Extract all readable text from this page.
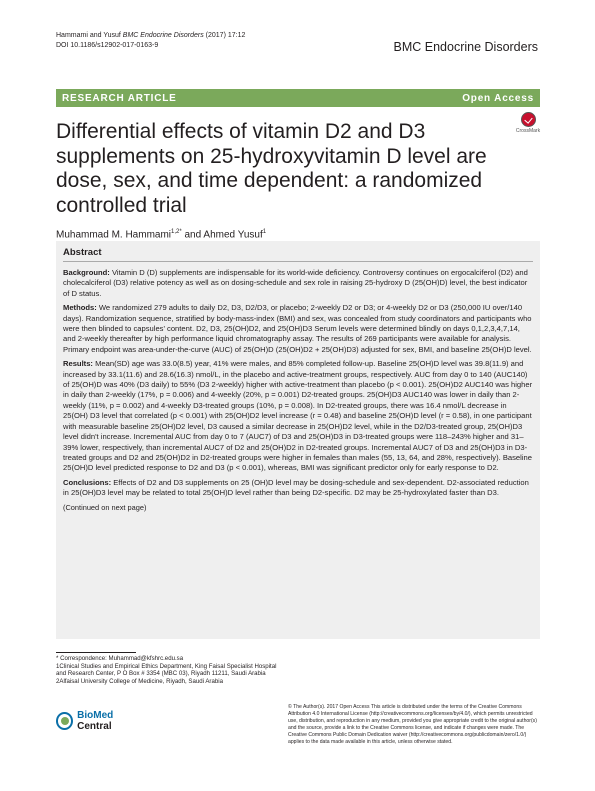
Hammami and Yusuf BMC Endocrine Disorders (2017) 17:12
DOI 10.1186/s12902-017-0163-9	BMC Endocrine Disorders
RESEARCH ARTICLE	Open Access
Differential effects of vitamin D2 and D3 supplements on 25-hydroxyvitamin D level are dose, sex, and time dependent: a randomized controlled trial
CrossMark
Muhammad M. Hammami$^{1,2*}$ and Ahmed Yusuf$^1$
Abstract

Background: Vitamin D (D) supplements are indispensable for its world-wide deficiency. Controversy continues on ergocalciferol (D2) and cholecalciferol (D3) relative potency as well as on dosing-schedule and sex role in raising 25-hydroxy D (25(OH)D) level, the best indicator of D status.

Methods: We randomized 279 adults to daily D2, D3, D2/D3, or placebo; 2-weekly D2 or D3; or 4-weekly D2 or D3 (250,000 IU over/140 days). Randomization sequence, stratified by body-mass-index (BMI) and sex, was concealed from study coordinators and participants who were then blinded to capsules' content. D2, D3, 25(OH)D2, and 25(OH)D3 Serum levels were determined blindly on days 0,1,2,3,4,7,14, and 2-weekly thereafter by high performance liquid chromatography assay. The results of 269 participants were available for analysis. Primary endpoint was area-under-the-curve (AUC) of 25(OH)D (25(OH)D2 + 25(OH)D3) adjusted for sex, BMI, and baseline 25(OH)D level.

Results: Mean(SD) age was 33.0(8.5) year, 41% were males, and 85% completed follow-up. Baseline 25(OH)D level was 39.8(11.9) and increased by 33.1(11.6) and 28.6(16.3) nmol/L, in the placebo and active-treatment groups, respectively. AUC from day 0 to 140 (AUC140) of 25(OH)D was 40% (D3 daily) to 55% (D3 2-weekly) higher with active-treatment than placebo (p < 0.001). 25(OH)D2 AUC140 was higher in daily than 2-weekly (17%, p = 0.006) and 4-weekly (20%, p = 0.001) D2-treated groups. 25(OH)D3 AUC140 was lower in daily than 2-weekly (11%, p = 0.002) and 4-weekly D3-treated groups (10%, p = 0.008). In D2-treated groups, there was 16.4 nmol/L decrease in 25(OH) D3 level that correlated (p < 0.001) with 25(OH)D2 level increase (r = 0.48) and baseline 25(OH)D level (r = 0.58), in one participant with measurable baseline 25(OH)D2 level, D3 caused a similar decrease in 25(OH)D2 level, while in the D2/D3-treated group, 25(OH)D3 level didn't increase. Incremental AUC from day 0 to 7 (AUC7) of D3 and 25(OH)D3 in D3-treated groups were 118–243% higher and 31–39% lower, respectively, than incremental AUC7 of D2 and 25(OH)D2 in D2-treated groups. Incremental AUC7 of D3 and 25(OH)D3 in D3-treated groups and D2 and 25(OH)D2 in D2-treated groups were higher in females than males (55, 13, 64, and 28%, respectively). Baseline 25(OH)D level predicted response to D2 and D3 (p < 0.001), whereas, BMI was significant predictor only for early response to D2.

Conclusions: Effects of D2 and D3 supplements on 25 (OH)D level may be dosing-schedule and sex-dependent. D2-associated reduction in 25(OH)D3 level may be related to total 25(OH)D level rather than being D2-specific. D2 may be 25-hydroxylated faster than D3.

(Continued on next page)
* Correspondence: Muhammad@kfshrc.edu.sa
1Clinical Studies and Empirical Ethics Department, King Faisal Specialist Hospital and Research Center, P O Box # 3354 (MBC 03), Riyadh 11211, Saudi Arabia
2Alfaisal University College of Medicine, Riyadh, Saudi Arabia
BioMed Central
© The Author(s). 2017 Open Access This article is distributed under the terms of the Creative Commons Attribution 4.0 International License (http://creativecommons.org/licenses/by/4.0/), which permits unrestricted use, distribution, and reproduction in any medium, provided you give appropriate credit to the original author(s) and the source, provide a link to the Creative Commons license, and indicate if changes were made. The Creative Commons Public Domain Dedication waiver (http://creativecommons.org/publicdomain/zero/1.0/) applies to the data made available in this article, unless otherwise stated.
